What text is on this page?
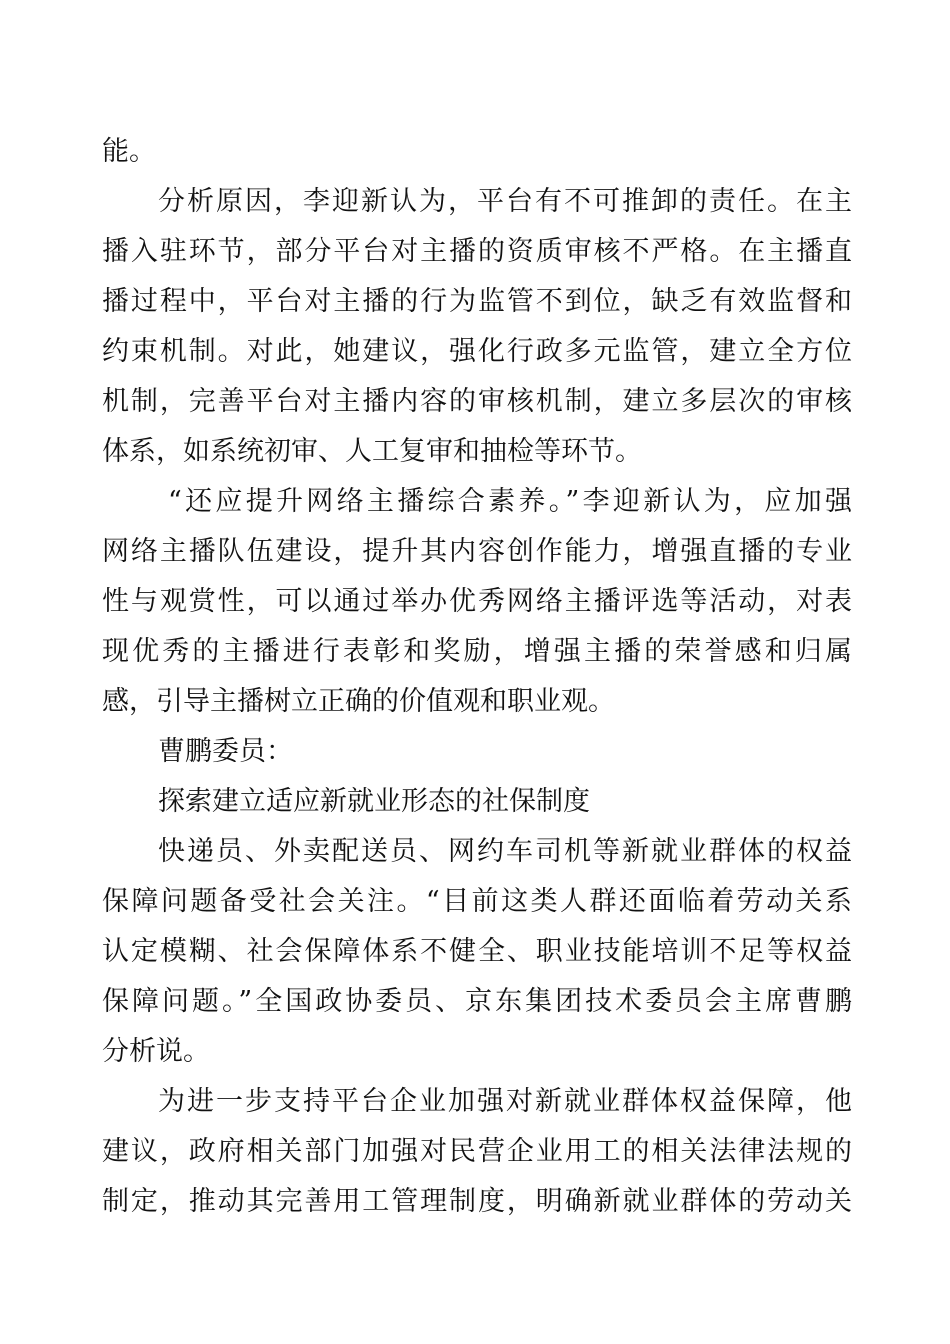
能。
分析原因，李迎新认为，平台有不可推卸的责任。在主
播入驻环节，部分平台对主播的资质审核不严格。在主播直
播过程中，平台对主播的行为监管不到位，缺乏有效监督和
约束机制。对此，她建议，强化行政多元监管，建立全方位
机制，完善平台对主播内容的审核机制，建立多层次的审核
体系，如系统初审、人工复审和抽检等环节。
“还应提升网络主播综合素养。”李迎新认为，应加强
网络主播队伍建设，提升其内容创作能力，增强直播的专业
性与观赏性，可以通过举办优秀网络主播评选等活动，对表
现优秀的主播进行表彰和奖励，增强主播的荣誉感和归属
感，引导主播树立正确的价值观和职业观。
曹鹏委员：
探索建立适应新就业形态的社保制度
快递员、外卖配送员、网约车司机等新就业群体的权益
保障问题备受社会关注。“目前这类人群还面临着劳动关系
认定模糊、社会保障体系不健全、职业技能培训不足等权益
保障问题。”全国政协委员、京东集团技术委员会主席曹鹏
分析说。
为进一步支持平台企业加强对新就业群体权益保障，他
建议，政府相关部门加强对民营企业用工的相关法律法规的
制定，推动其完善用工管理制度，明确新就业群体的劳动关
